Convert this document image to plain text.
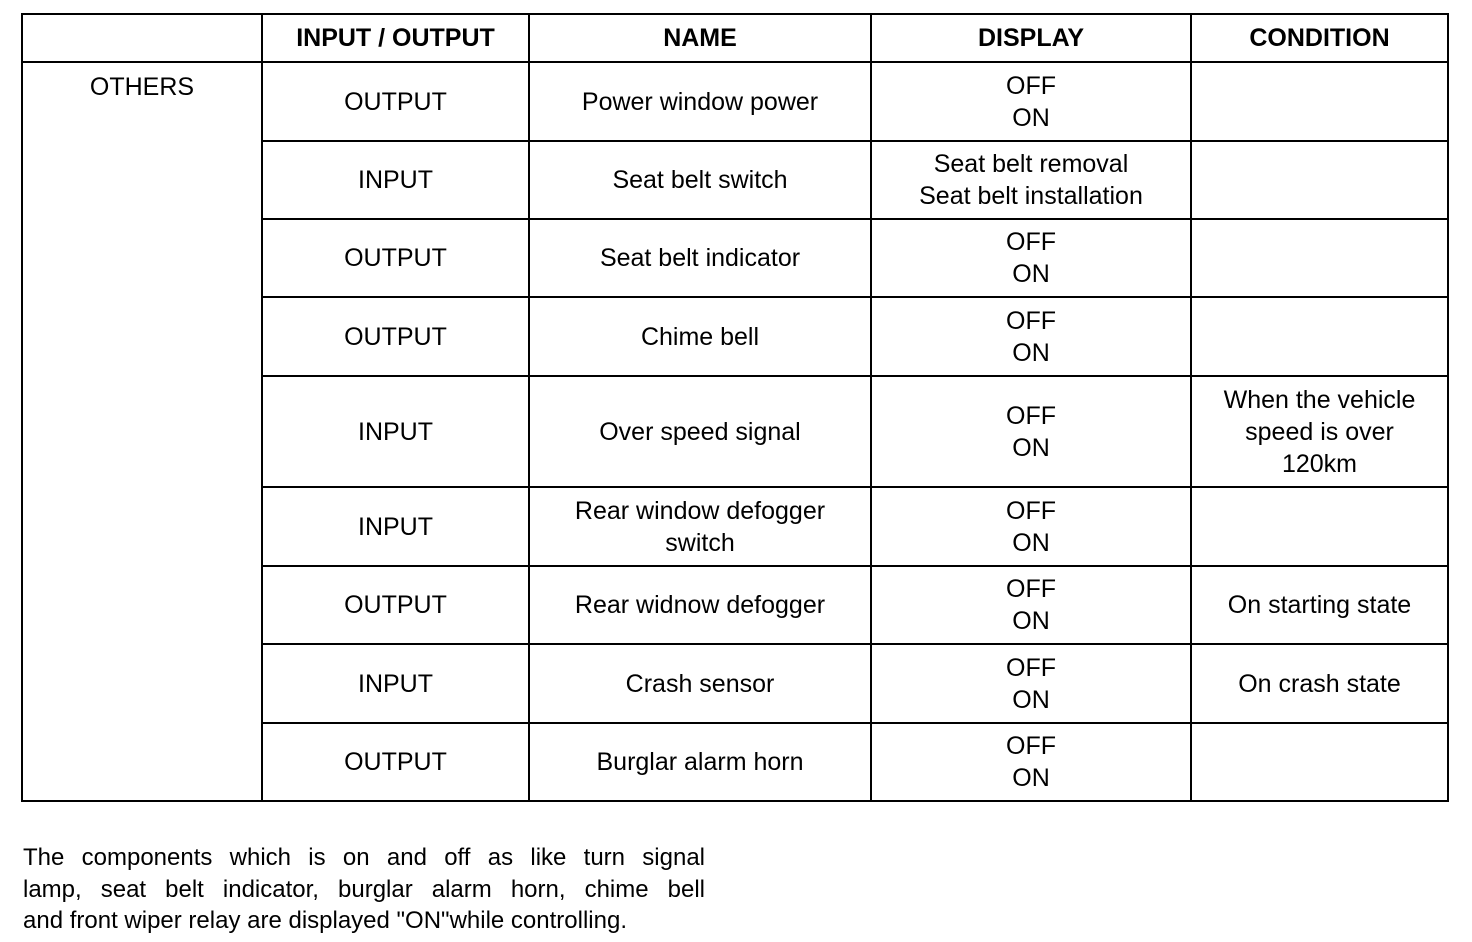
	INPUT / OUTPUT	NAME	DISPLAY	CONDITION
OTHERS	OUTPUT	Power window power	OFF
ON	

	INPUT	Seat belt switch	Seat belt removal
Seat belt installation	

	OUTPUT	Seat belt indicator	OFF
ON	

	OUTPUT	Chime bell	OFF
ON	

	INPUT	Over speed signal	OFF
ON	When the vehicle
speed is over
120km

	INPUT	Rear window defogger
switch	OFF
ON	

	OUTPUT	Rear widnow defogger	OFF
ON	On starting state

	INPUT	Crash sensor	OFF
ON	On crash state

	OUTPUT	Burglar alarm horn	OFF
ON	

The components which is on and off as like turn signal
lamp, seat belt indicator, burglar alarm horn, chime bell
and front wiper relay are displayed "ON"while controlling.
